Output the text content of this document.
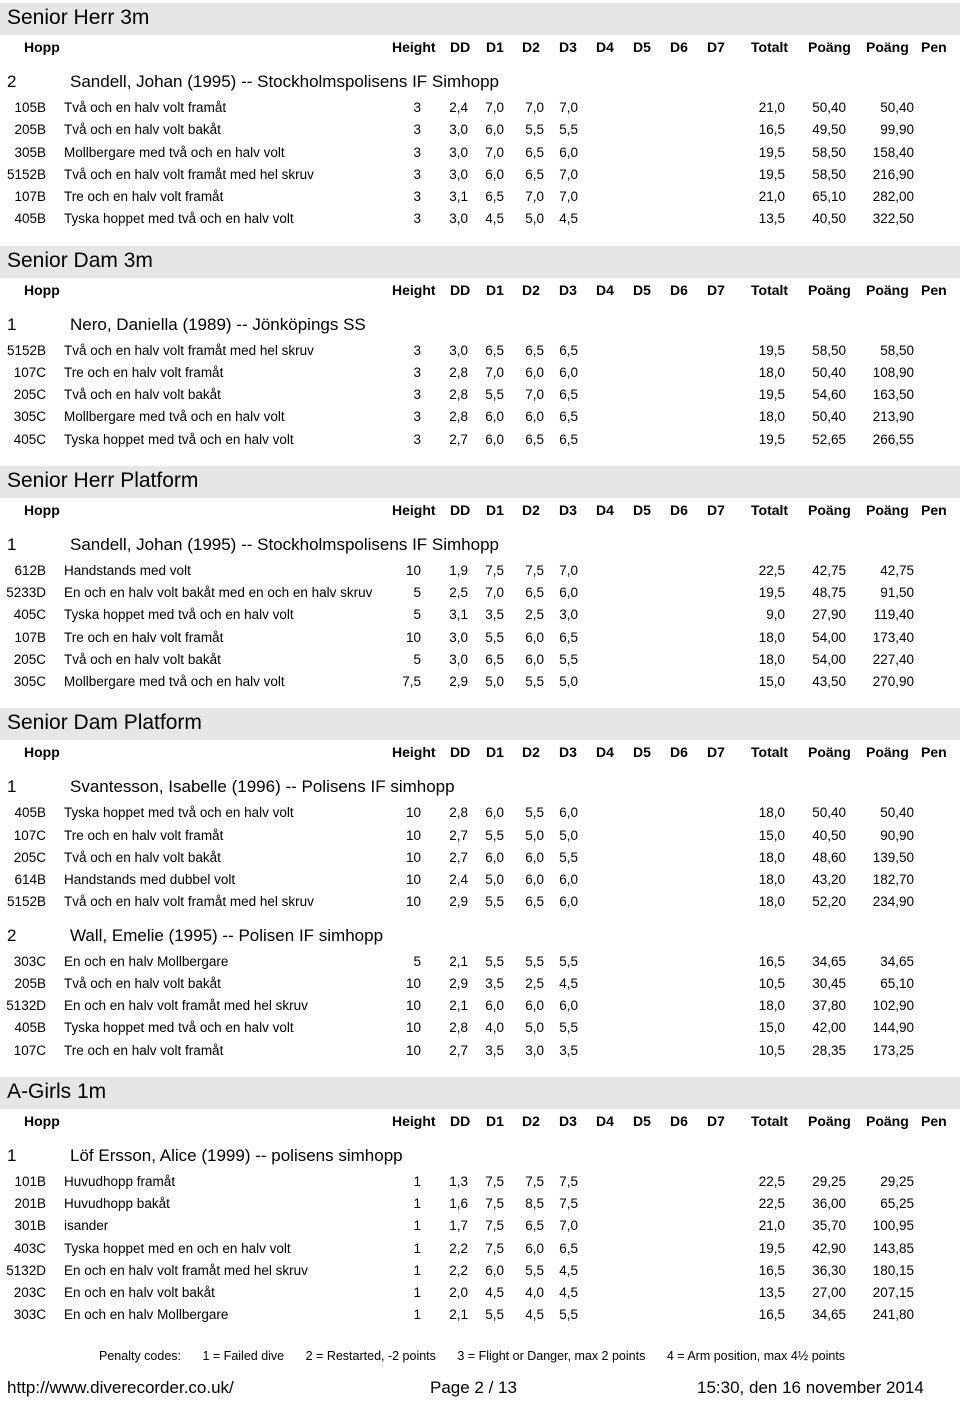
Senior Herr 3m
Hopp	Height DD D1 D2 D3 D4 D5 D6 D7 Totalt Poäng Poäng Pen
2	Sandell, Johan (1995) -- Stockholmspolisens IF Simhopp
105B Två och en halv volt framåt	3	2,4	7,0	7,0	7,0	21,0	50,40	50,40
205B Två och en halv volt bakåt	3	3,0	6,0	5,5	5,5	16,5	49,50	99,90
305B Mollbergare med två och en halv volt	3	3,0	7,0	6,5	6,0	19,5	58,50	158,40
5152B Två och en halv volt framåt med hel skruv	3	3,0	6,0	6,5	7,0	19,5	58,50	216,90
107B Tre och en halv volt framåt	3	3,1	6,5	7,0	7,0	21,0	65,10	282,00
405B Tyska hoppet med två och en halv volt	3	3,0	4,5	5,0	4,5	13,5	40,50	322,50
Senior Dam 3m
Hopp	Height DD D1 D2 D3 D4 D5 D6 D7 Totalt Poäng Poäng Pen
1	Nero, Daniella (1989) -- Jönköpings SS
5152B Två och en halv volt framåt med hel skruv	3	3,0	6,5	6,5	6,5	19,5	58,50	58,50
107C Tre och en halv volt framåt	3	2,8	7,0	6,0	6,0	18,0	50,40	108,90
205C Två och en halv volt bakåt	3	2,8	5,5	7,0	6,5	19,5	54,60	163,50
305C Mollbergare med två och en halv volt	3	2,8	6,0	6,0	6,5	18,0	50,40	213,90
405C Tyska hoppet med två och en halv volt	3	2,7	6,0	6,5	6,5	19,5	52,65	266,55
Senior Herr Platform
Hopp	Height DD D1 D2 D3 D4 D5 D6 D7 Totalt Poäng Poäng Pen
1	Sandell, Johan (1995) -- Stockholmspolisens IF Simhopp
612B Handstands med volt	10	1,9	7,5	7,5	7,0	22,5	42,75	42,75
5233D En och en halv volt bakåt med en och en halv skruv	5	2,5	7,0	6,5	6,0	19,5	48,75	91,50
405C Tyska hoppet med två och en halv volt	5	3,1	3,5	2,5	3,0	9,0	27,90	119,40
107B Tre och en halv volt framåt	10	3,0	5,5	6,0	6,5	18,0	54,00	173,40
205C Två och en halv volt bakåt	5	3,0	6,5	6,0	5,5	18,0	54,00	227,40
305C Mollbergare med två och en halv volt	7,5	2,9	5,0	5,5	5,0	15,0	43,50	270,90
Senior Dam Platform
Hopp	Height DD D1 D2 D3 D4 D5 D6 D7 Totalt Poäng Poäng Pen
1	Svantesson, Isabelle (1996) -- Polisens IF simhopp
405B Tyska hoppet med två och en halv volt	10	2,8	6,0	5,5	6,0	18,0	50,40	50,40
107C Tre och en halv volt framåt	10	2,7	5,5	5,0	5,0	15,0	40,50	90,90
205C Två och en halv volt bakåt	10	2,7	6,0	6,0	5,5	18,0	48,60	139,50
614B Handstands med dubbel volt	10	2,4	5,0	6,0	6,0	18,0	43,20	182,70
5152B Två och en halv volt framåt med hel skruv	10	2,9	5,5	6,5	6,0	18,0	52,20	234,90
2	Wall, Emelie (1995) -- Polisen IF simhopp
303C En och en halv Mollbergare	5	2,1	5,5	5,5	5,5	16,5	34,65	34,65
205B Två och en halv volt bakåt	10	2,9	3,5	2,5	4,5	10,5	30,45	65,10
5132D En och en halv volt framåt med hel skruv	10	2,1	6,0	6,0	6,0	18,0	37,80	102,90
405B Tyska hoppet med två och en halv volt	10	2,8	4,0	5,0	5,5	15,0	42,00	144,90
107C Tre och en halv volt framåt	10	2,7	3,5	3,0	3,5	10,5	28,35	173,25
A-Girls 1m
Hopp	Height DD D1 D2 D3 D4 D5 D6 D7 Totalt Poäng Poäng Pen
1	Löf Ersson, Alice (1999) -- polisens simhopp
101B Huvudhopp framåt	1	1,3	7,5	7,5	7,5	22,5	29,25	29,25
201B Huvudhopp bakåt	1	1,6	7,5	8,5	7,5	22,5	36,00	65,25
301B isander	1	1,7	7,5	6,5	7,0	21,0	35,70	100,95
403C Tyska hoppet med en och en halv volt	1	2,2	7,5	6,0	6,5	19,5	42,90	143,85
5132D En och en halv volt framåt med hel skruv	1	2,2	6,0	5,5	4,5	16,5	36,30	180,15
203C En och en halv volt bakåt	1	2,0	4,5	4,0	4,5	13,5	27,00	207,15
303C En och en halv Mollbergare	1	2,1	5,5	4,5	5,5	16,5	34,65	241,80
Penalty codes: 1 = Failed dive 2 = Restarted, -2 points 3 = Flight or Danger, max 2 points 4 = Arm position, max 4½ points
http://www.diverecorder.co.uk/	Page 2 / 13	15:30, den 16 november 2014
